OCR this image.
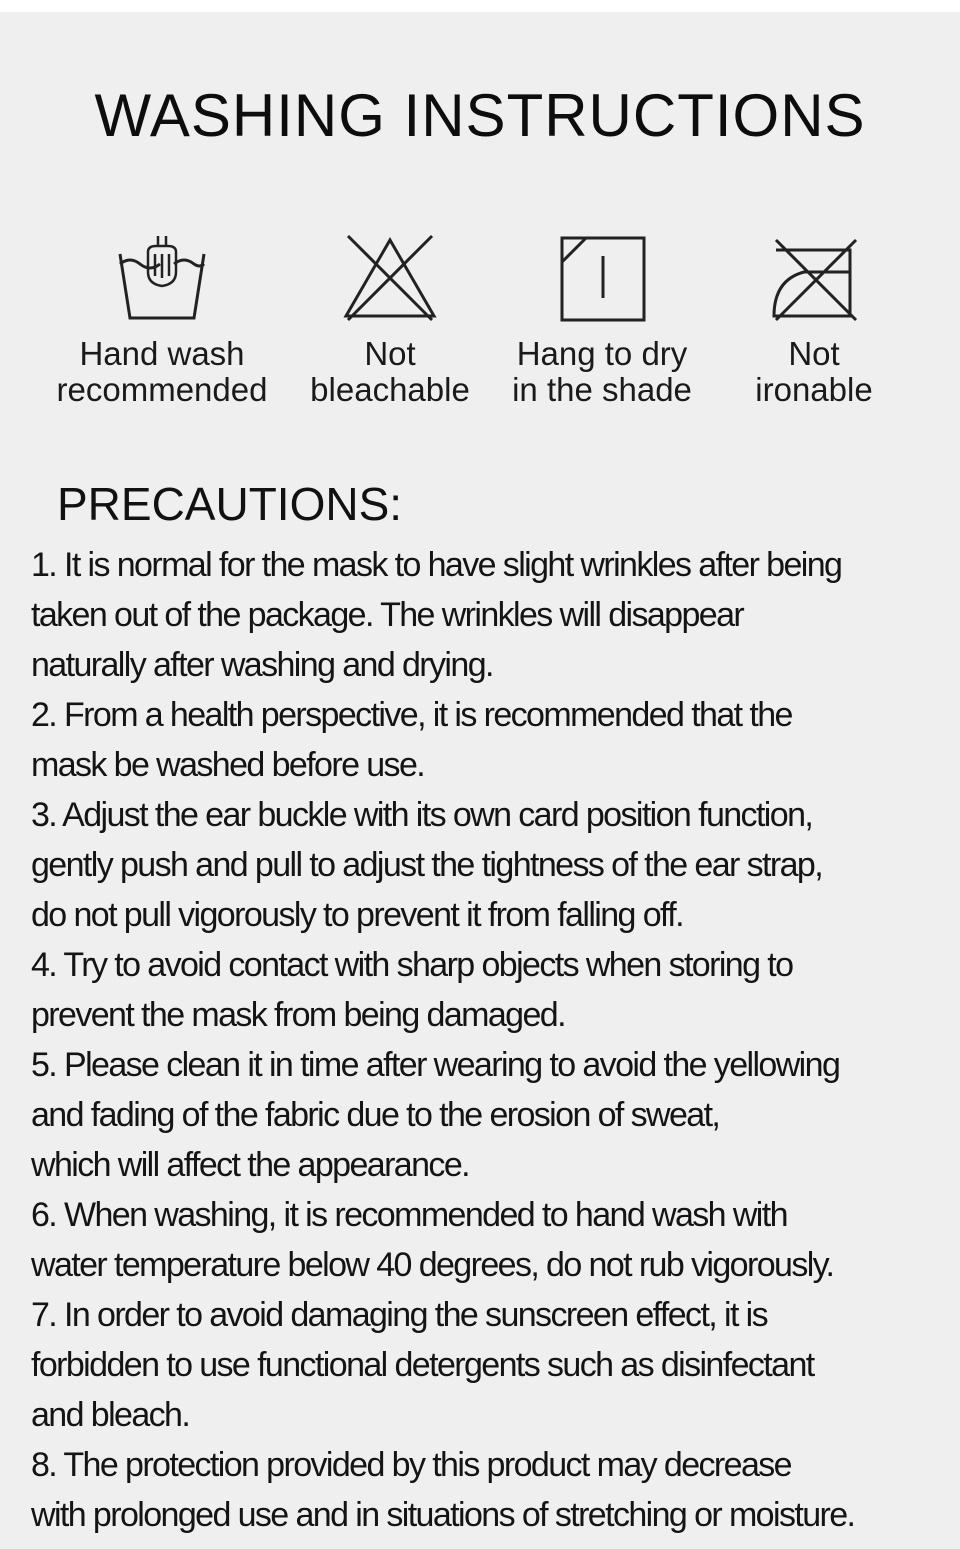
WASHING INSTRUCTIONS
Hand wash
recommended
Not
bleachable
Hang to dry
in the shade
Not
ironable
PRECAUTIONS:
1. It is normal for the mask to have slight wrinkles after being
taken out of the package. The wrinkles will disappear
naturally after washing and drying.
2. From a health perspective, it is recommended that the
mask be washed before use.
3. Adjust the ear buckle with its own card position function,
gently push and pull to adjust the tightness of the ear strap,
do not pull vigorously to prevent it from falling off.
4. Try to avoid contact with sharp objects when storing to
prevent the mask from being damaged.
5. Please clean it in time after wearing to avoid the yellowing
and fading of the fabric due to the erosion of sweat,
which will affect the appearance.
6. When washing, it is recommended to hand wash with
water temperature below 40 degrees, do not rub vigorously.
7. In order to avoid damaging the sunscreen effect, it is
forbidden to use functional detergents such as disinfectant
and bleach.
8. The protection provided by this product may decrease
with prolonged use and in situations of stretching or moisture.
